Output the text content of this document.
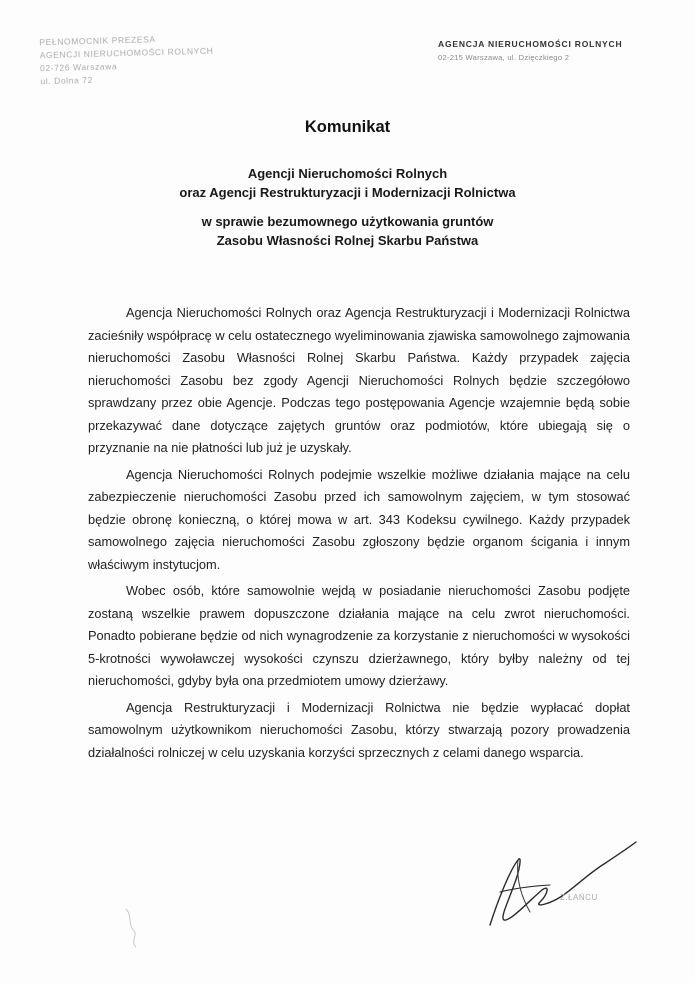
PEŁNOMOCNIK PREZESA
AGENCJI NIERUCHOMOŚCI ROLNYCH
02-726 Warszawa
ul. Dolna 72
AGENCJA NIERUCHOMOŚCI ROLNYCH
02-215 Warszawa, ul. Dzięczkiego 2
Komunikat
Agencji Nieruchomości Rolnych
oraz Agencji Restrukturyzacji i Modernizacji Rolnictwa
w sprawie bezumownego użytkowania gruntów
Zasobu Własności Rolnej Skarbu Państwa

Agencja Nieruchomości Rolnych oraz Agencja Restrukturyzacji i Modernizacji Rolnictwa zacieśniły współpracę w celu ostatecznego wyeliminowania zjawiska samowolnego zajmowania nieruchomości Zasobu Własności Rolnej Skarbu Państwa. Każdy przypadek zajęcia nieruchomości Zasobu bez zgody Agencji Nieruchomości Rolnych będzie szczegółowo sprawdzany przez obie Agencje. Podczas tego postępowania Agencje wzajemnie będą sobie przekazywać dane dotyczące zajętych gruntów oraz podmiotów, które ubiegają się o przyznanie na nie płatności lub już je uzyskały.

Agencja Nieruchomości Rolnych podejmie wszelkie możliwe działania mające na celu zabezpieczenie nieruchomości Zasobu przed ich samowolnym zajęciem, w tym stosować będzie obronę konieczną, o której mowa w art. 343 Kodeksu cywilnego. Każdy przypadek samowolnego zajęcia nieruchomości Zasobu zgłoszony będzie organom ścigania i innym właściwym instytucjom.

Wobec osób, które samowolnie wejdą w posiadanie nieruchomości Zasobu podjęte zostaną wszelkie prawem dopuszczone działania mające na celu zwrot nieruchomości. Ponadto pobierane będzie od nich wynagrodzenie za korzystanie z nieruchomości w wysokości 5-krotności wywoławczej wysokości czynszu dzierżawnego, który byłby należny od tej nieruchomości, gdyby była ona przedmiotem umowy dzierżawy.

Agencja Restrukturyzacji i Modernizacji Rolnictwa nie będzie wypłacać dopłat samowolnym użytkownikom nieruchomości Zasobu, którzy stwarzają pozory prowadzenia działalności rolniczej w celu uzyskania korzyści sprzecznych z celami danego wsparcia.

Z.ŁAŃCU
